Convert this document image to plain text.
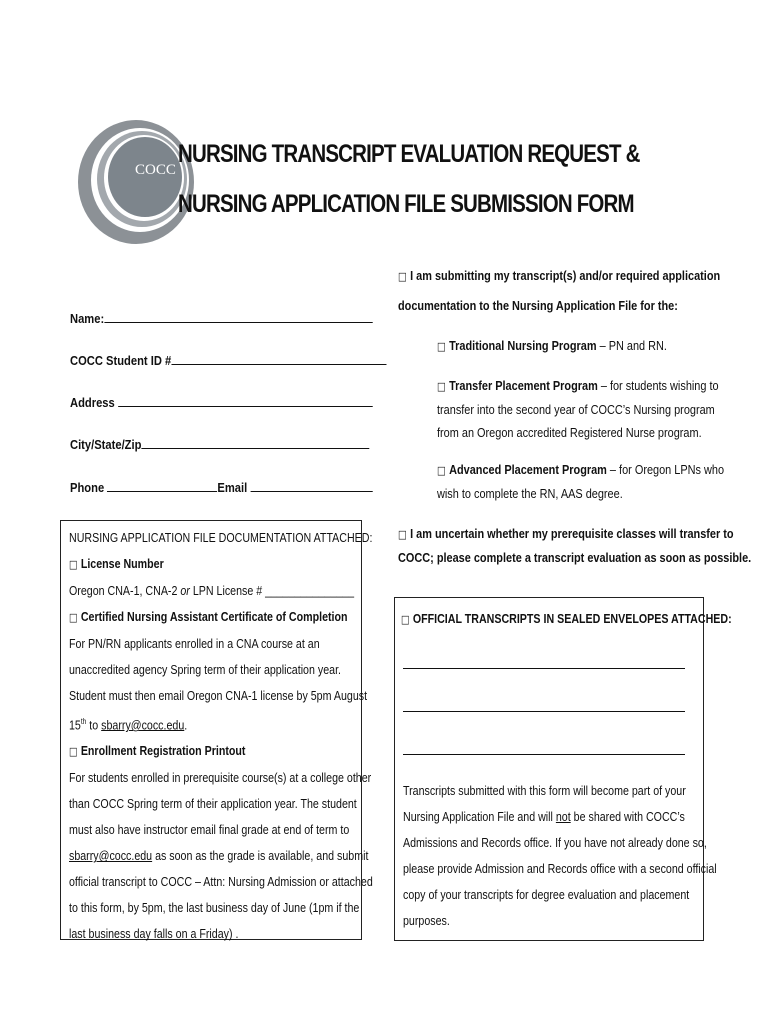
COCC
NURSING TRANSCRIPT EVALUATION REQUEST &
NURSING APPLICATION FILE SUBMISSION FORM
Name:
COCC Student ID #
Address
City/State/Zip
Phone	Email
□ I am submitting my transcript(s) and/or required application
documentation to the Nursing Application File for the:
□ Traditional Nursing Program – PN and RN.
□ Transfer Placement Program – for students wishing to
transfer into the second year of COCC’s Nursing program
from an Oregon accredited Registered Nurse program.
□ Advanced Placement Program – for Oregon LPNs who
wish to complete the RN, AAS degree.
□ I am uncertain whether my prerequisite classes will transfer to
COCC; please complete a transcript evaluation as soon as possible.
NURSING APPLICATION FILE DOCUMENTATION ATTACHED:
□ License Number
Oregon CNA-1, CNA-2 or LPN License # _______________
□ Certified Nursing Assistant Certificate of Completion
For PN/RN applicants enrolled in a CNA course at an
unaccredited agency Spring term of their application year.
Student must then email Oregon CNA-1 license by 5pm August
15th to sbarry@cocc.edu.
□ Enrollment Registration Printout
For students enrolled in prerequisite course(s) at a college other
than COCC Spring term of their application year. The student
must also have instructor email final grade at end of term to
sbarry@cocc.edu as soon as the grade is available, and submit
official transcript to COCC – Attn: Nursing Admission or attached
to this form, by 5pm, the last business day of June (1pm if the
last business day falls on a Friday) .
□ OFFICIAL TRANSCRIPTS IN SEALED ENVELOPES ATTACHED:
Transcripts submitted with this form will become part of your
Nursing Application File and will not be shared with COCC’s
Admissions and Records office. If you have not already done so,
please provide Admission and Records office with a second official
copy of your transcripts for degree evaluation and placement
purposes.
